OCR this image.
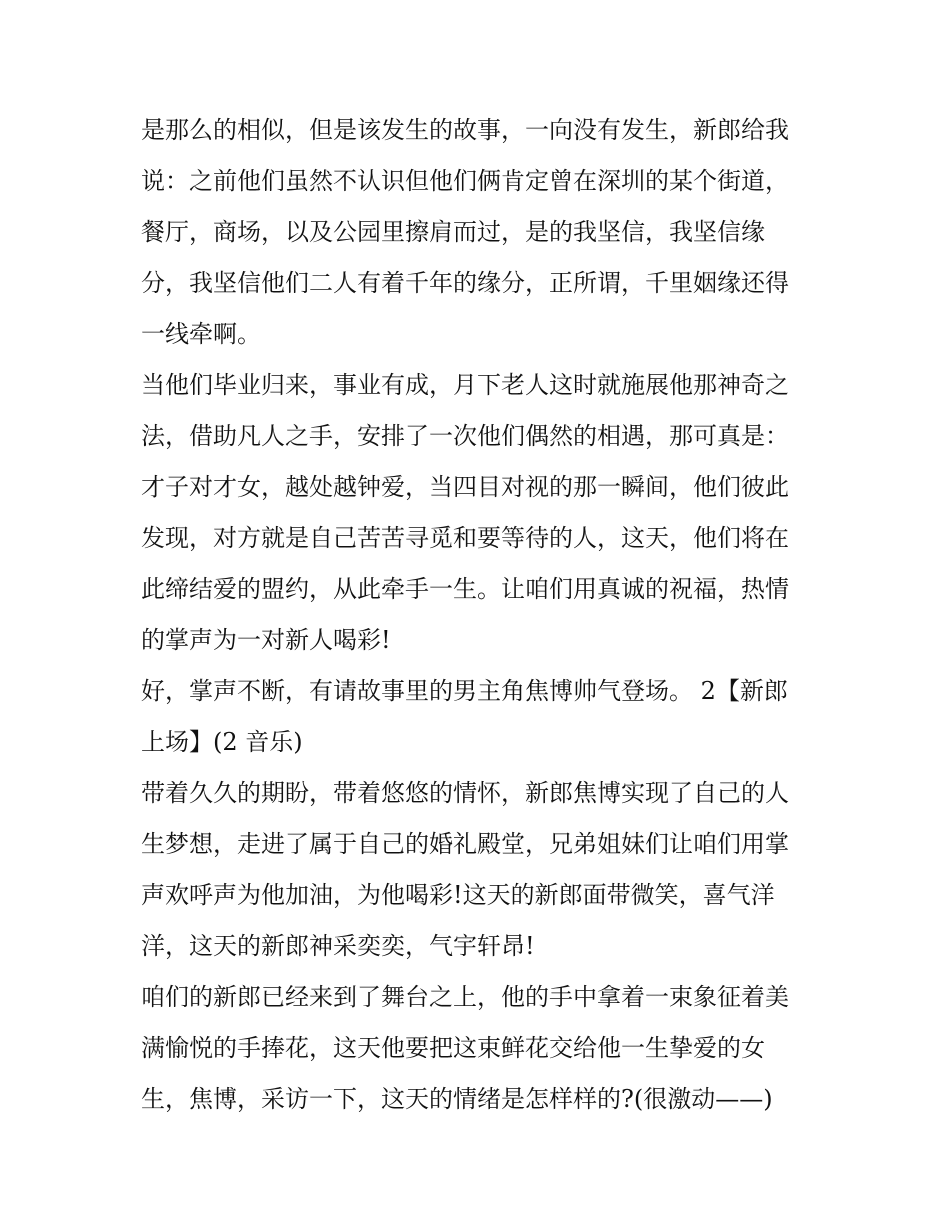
是那么的相似，但是该发生的故事，一向没有发生，新郎给我
说：之前他们虽然不认识但他们俩肯定曾在深圳的某个街道，
餐厅，商场，以及公园里擦肩而过，是的我坚信，我坚信缘
分，我坚信他们二人有着千年的缘分，正所谓，千里姻缘还得
一线牵啊。
当他们毕业归来，事业有成，月下老人这时就施展他那神奇之
法，借助凡人之手，安排了一次他们偶然的相遇，那可真是：
才子对才女，越处越钟爱，当四目对视的那一瞬间，他们彼此
发现，对方就是自己苦苦寻觅和要等待的人，这天，他们将在
此缔结爱的盟约，从此牵手一生。让咱们用真诚的祝福，热情
的掌声为一对新人喝彩!
好，掌声不断，有请故事里的男主角焦博帅气登场。 2【新郎
上场】(2 音乐)
带着久久的期盼，带着悠悠的情怀，新郎焦博实现了自己的人
生梦想，走进了属于自己的婚礼殿堂，兄弟姐妹们让咱们用掌
声欢呼声为他加油，为他喝彩!这天的新郎面带微笑，喜气洋
洋，这天的新郎神采奕奕，气宇轩昂!
咱们的新郎已经来到了舞台之上，他的手中拿着一束象征着美
满愉悦的手捧花，这天他要把这束鲜花交给他一生挚爱的女
生，焦博，采访一下，这天的情绪是怎样样的?(很激动——)
